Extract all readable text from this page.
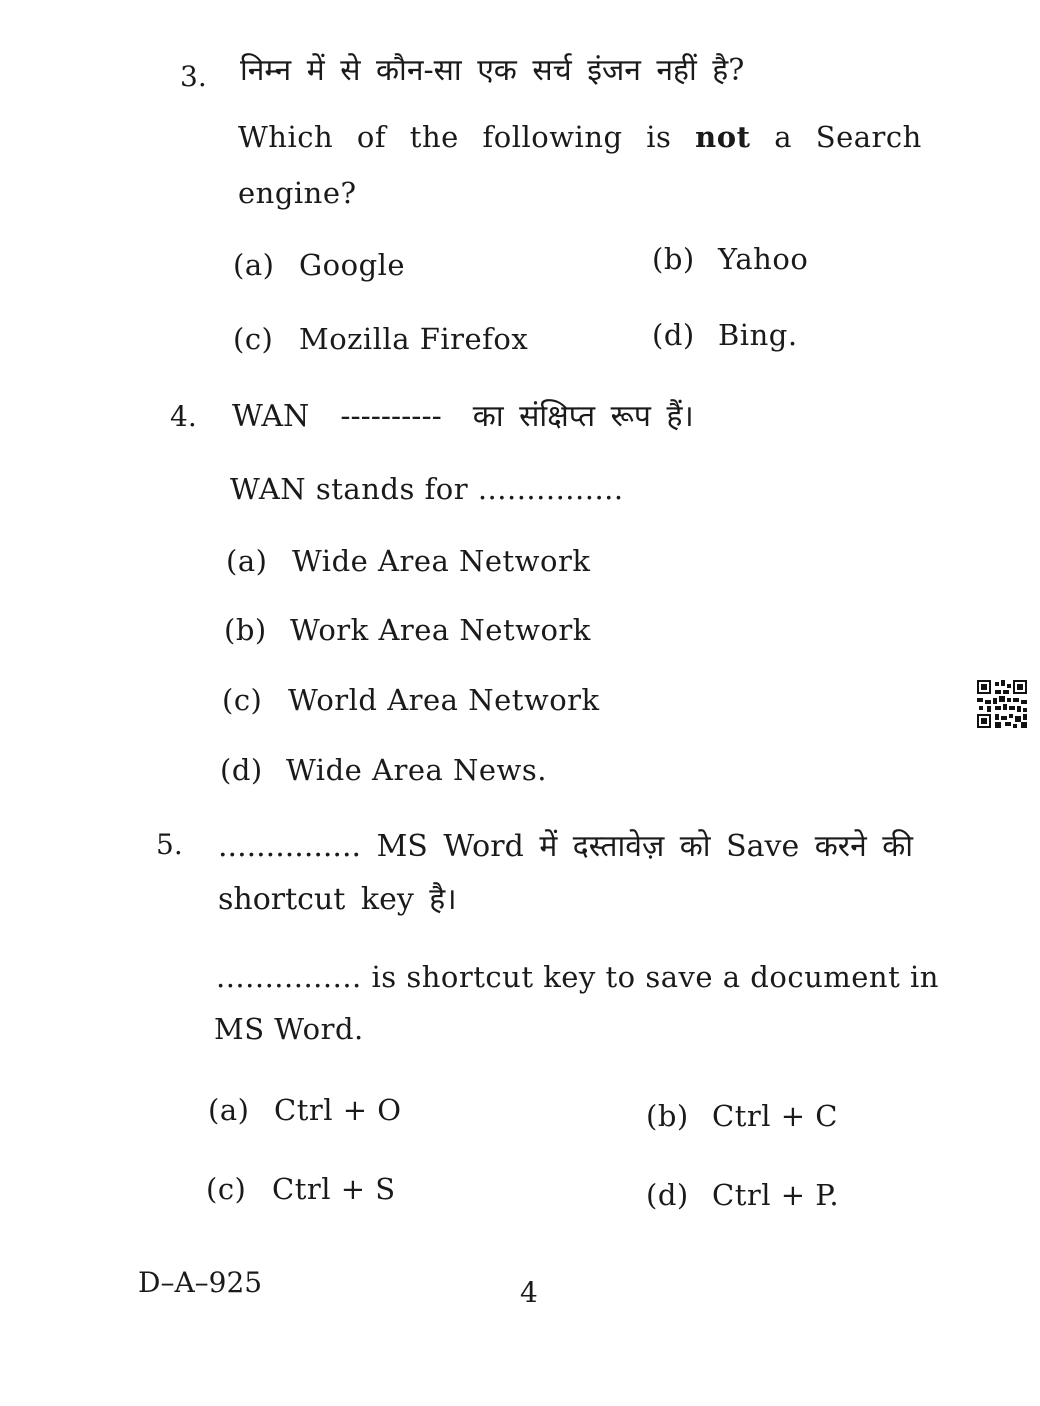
3. निम्न में से कौन-सा एक सर्च इंजन नहीं है?
Which of the following is not a Search
engine?
(a) Google	(b) Yahoo
(c) Mozilla Firefox	(d) Bing.
4. WAN ---------- का संक्षिप्त रूप हैं।
WAN stands for ...............
(a) Wide Area Network
(b) Work Area Network
(c) World Area Network
(d) Wide Area News.
5. ............... MS Word में दस्तावेज़ को Save करने की
shortcut key है।
............... is shortcut key to save a document in
MS Word.
(a) Ctrl + O	(b) Ctrl + C
(c) Ctrl + S	(d) Ctrl + P.
D–A–925	4
